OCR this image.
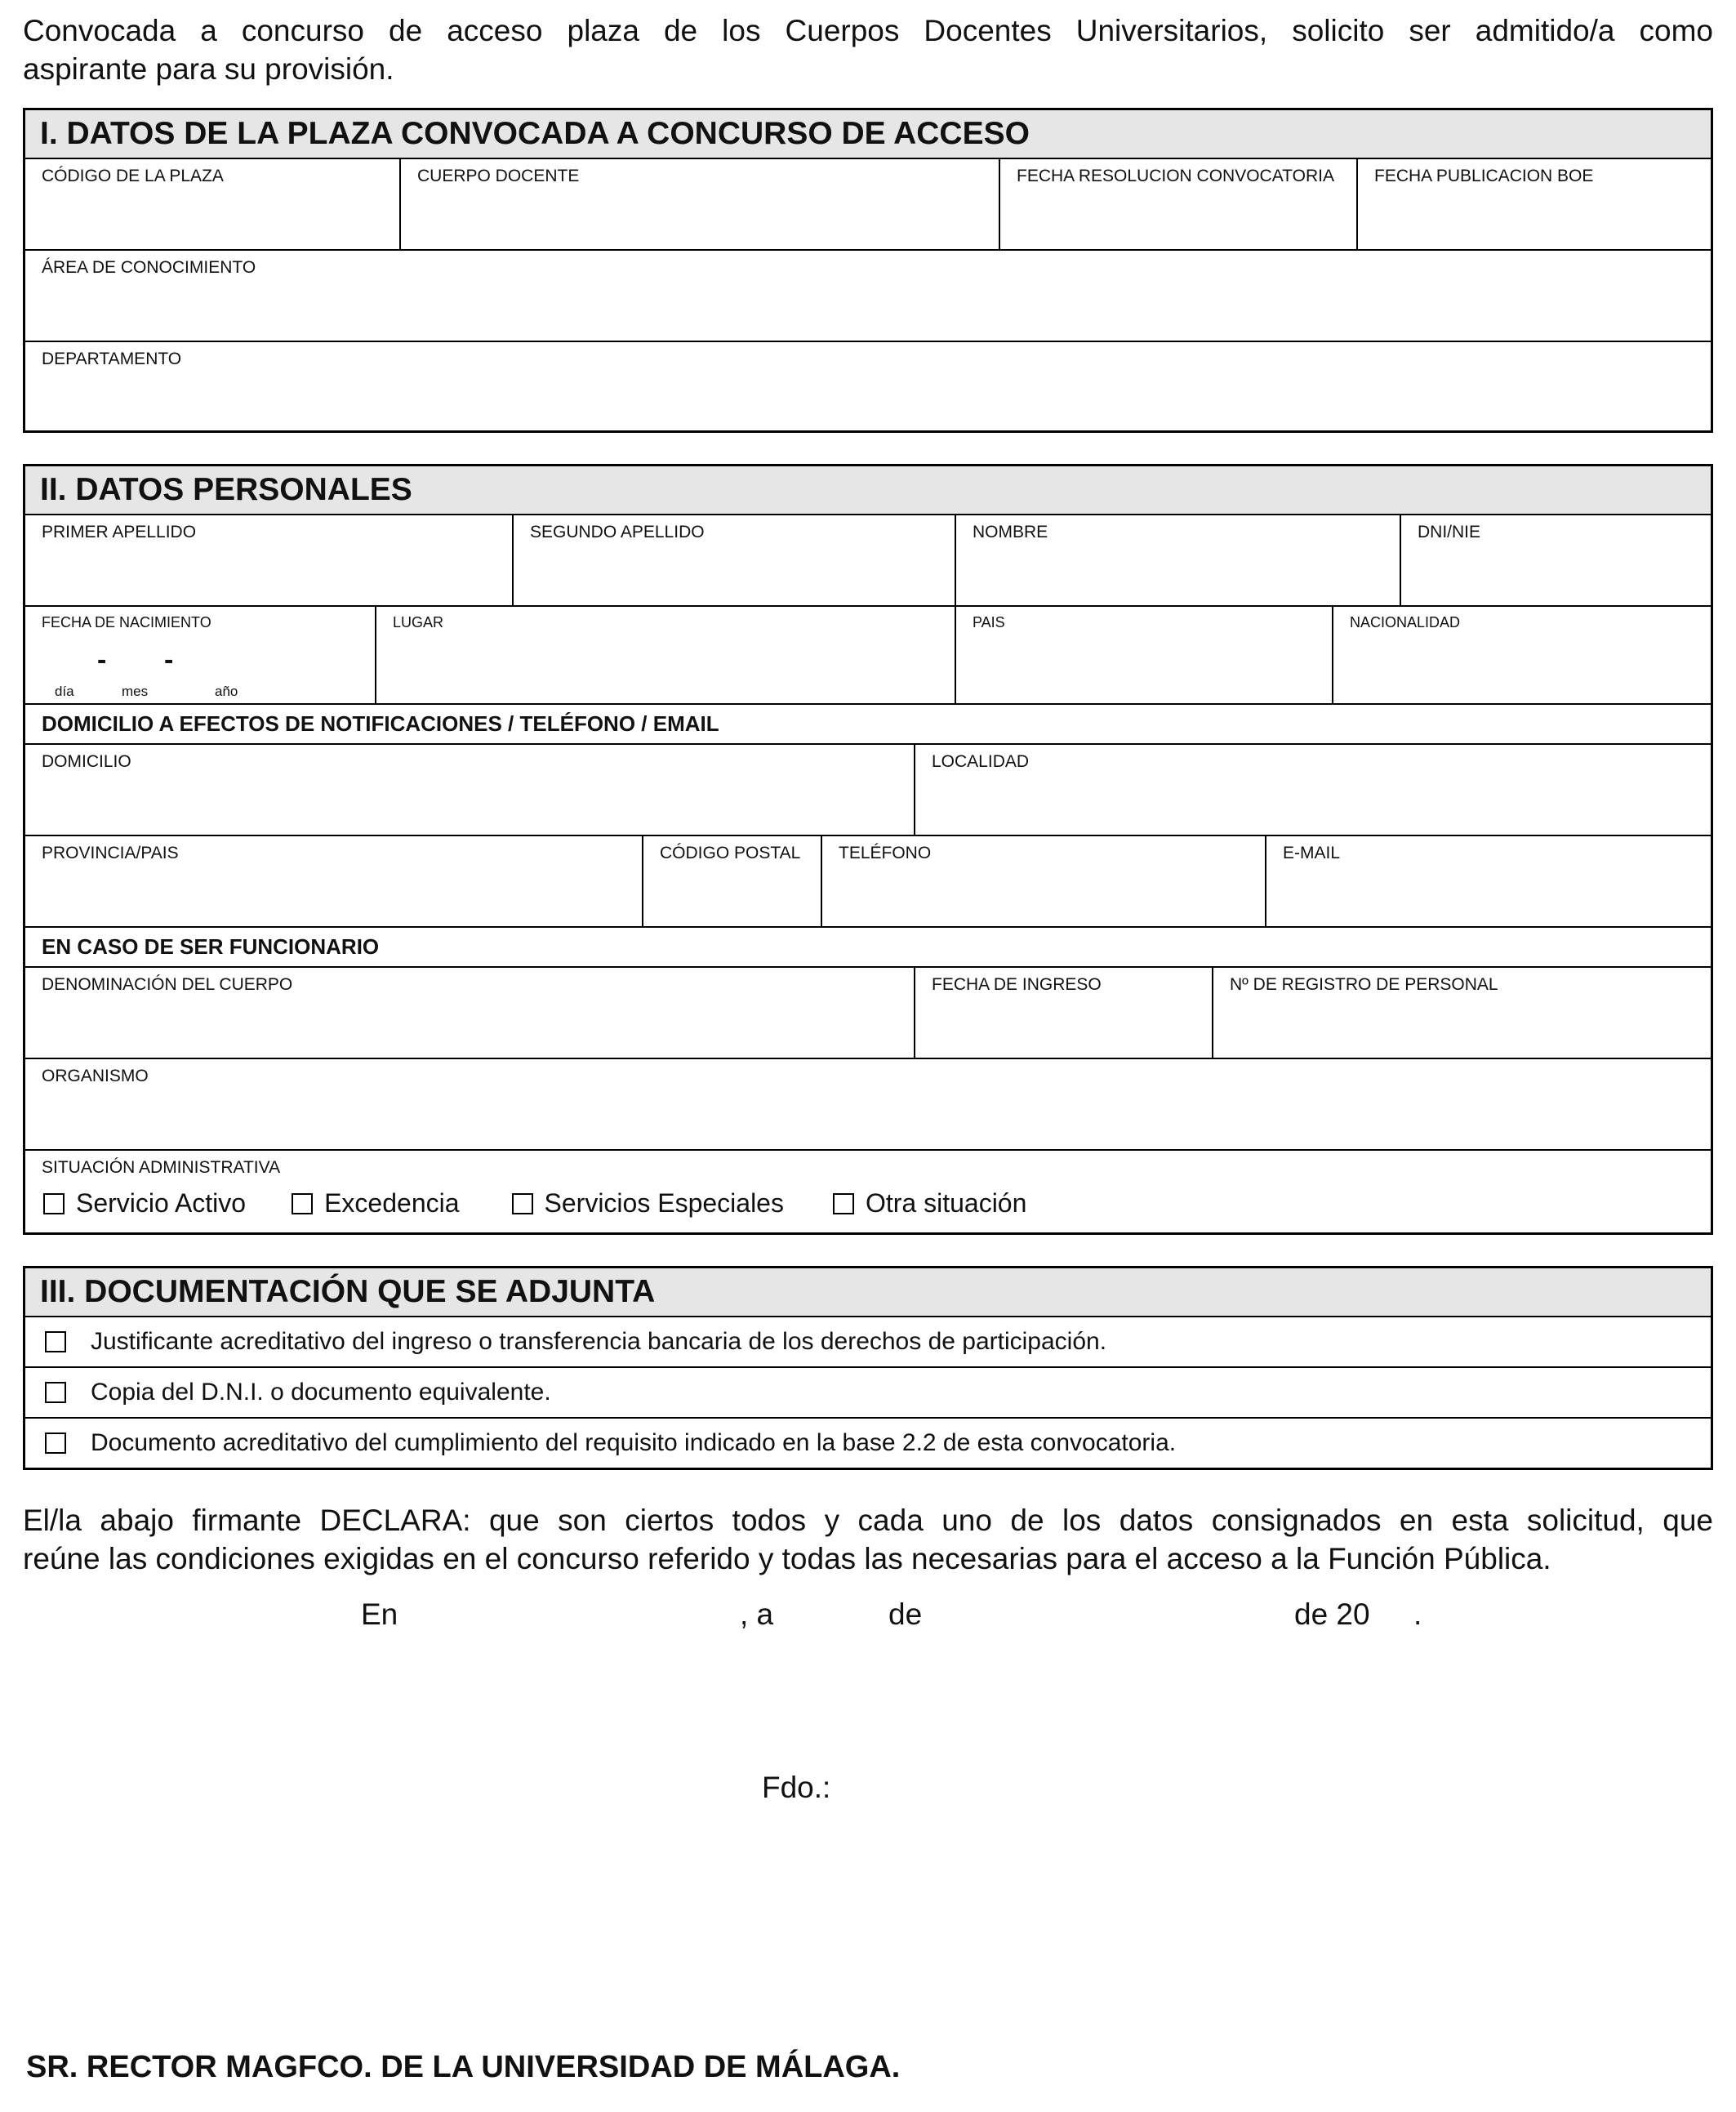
Convocada a concurso de acceso plaza de los Cuerpos Docentes Universitarios, solicito ser admitido/a como
aspirante para su provisión.
I. DATOS DE LA PLAZA CONVOCADA A CONCURSO DE ACCESO
CÓDIGO DE LA PLAZA	CUERPO DOCENTE	FECHA RESOLUCION CONVOCATORIA	FECHA PUBLICACION BOE
ÁREA DE CONOCIMIENTO
DEPARTAMENTO
II. DATOS PERSONALES
PRIMER APELLIDO	SEGUNDO APELLIDO	NOMBRE	DNI/NIE
FECHA DE NACIMIENTO
- -
día	mes	año
LUGAR	PAIS	NACIONALIDAD
DOMICILIO A EFECTOS DE NOTIFICACIONES / TELÉFONO / EMAIL
DOMICILIO	LOCALIDAD
PROVINCIA/PAIS	CÓDIGO POSTAL	TELÉFONO	E-MAIL
EN CASO DE SER FUNCIONARIO
DENOMINACIÓN DEL CUERPO	FECHA DE INGRESO	Nº DE REGISTRO DE PERSONAL
ORGANISMO
SITUACIÓN ADMINISTRATIVA
Servicio Activo	Excedencia	Servicios Especiales	Otra situación
III. DOCUMENTACIÓN QUE SE ADJUNTA
Justificante acreditativo del ingreso o transferencia bancaria de los derechos de participación.
Copia del D.N.I. o documento equivalente.
Documento acreditativo del cumplimiento del requisito indicado en la base 2.2 de esta convocatoria.
El/la abajo firmante DECLARA: que son ciertos todos y cada uno de los datos consignados en esta solicitud, que
reúne las condiciones exigidas en el concurso referido y todas las necesarias para el acceso a la Función Pública.
En	, a	de	de 20 .
Fdo.:
SR. RECTOR MAGFCO. DE LA UNIVERSIDAD DE MÁLAGA.
